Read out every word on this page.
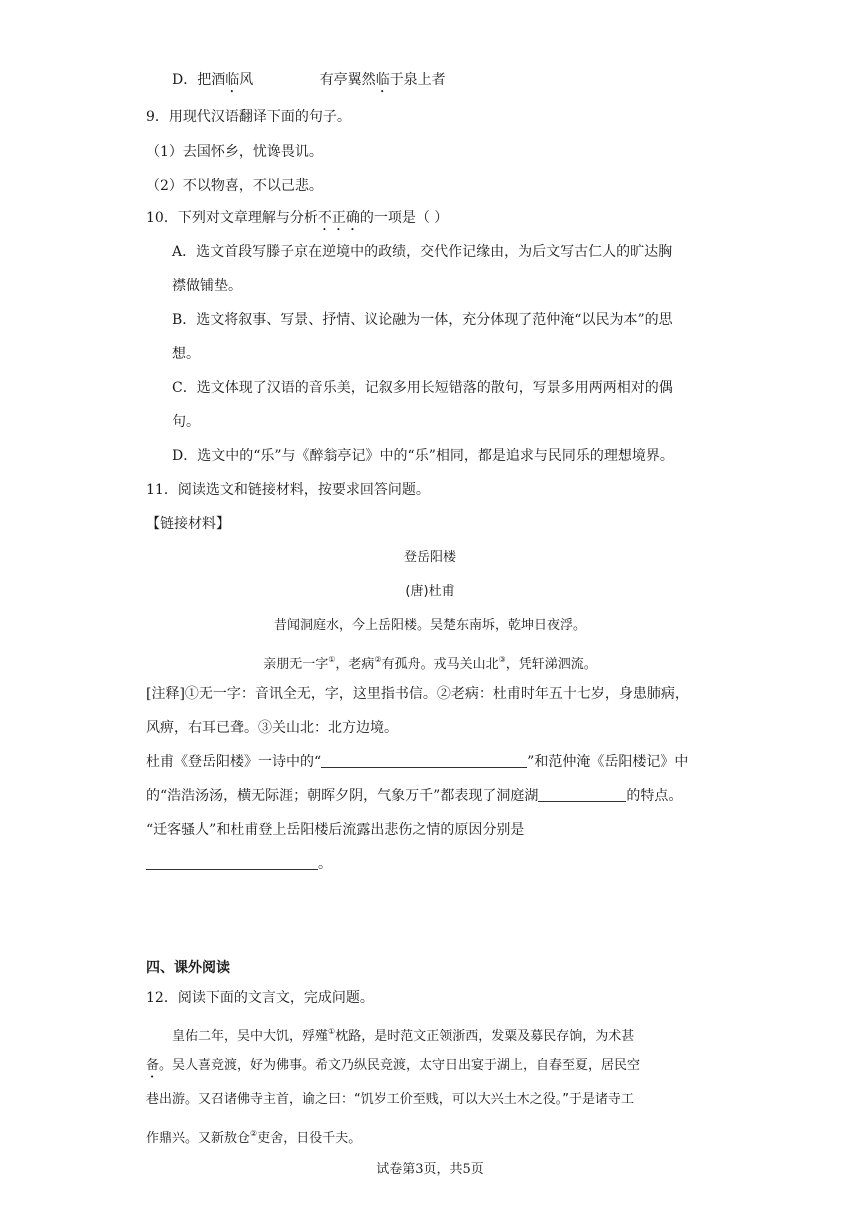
D．把酒临风	有亭翼然临于泉上者
9．用现代汉语翻译下面的句子。
（1）去国怀乡，忧谗畏讥。
（2）不以物喜，不以己悲。
10．下列对文章理解与分析不正确的一项是（ ）
A．选文首段写滕子京在逆境中的政绩，交代作记缘由，为后文写古仁人的旷达胸
襟做铺垫。
B．选文将叙事、写景、抒情、议论融为一体，充分体现了范仲淹“以民为本”的思
想。
C．选文体现了汉语的音乐美，记叙多用长短错落的散句，写景多用两两相对的偶
句。
D．选文中的“乐”与《醉翁亭记》中的“乐”相同，都是追求与民同乐的理想境界。
11．阅读选文和链接材料，按要求回答问题。
【链接材料】
登岳阳楼
(唐)杜甫
昔闻洞庭水，今上岳阳楼。吴楚东南坼，乾坤日夜浮。
亲朋无一字①，老病②有孤舟。戎马关山北③，凭轩涕泗流。
[注释]①无一字：音讯全无，字，这里指书信。②老病：杜甫时年五十七岁，身患肺病，
风痹，右耳已聋。③关山北：北方边境。
杜甫《登岳阳楼》一诗中的“	”和范仲淹《岳阳楼记》中
的“浩浩汤汤，横无际涯；朝晖夕阴，气象万千”都表现了洞庭湖	的特点。
“迁客骚人”和杜甫登上岳阳楼后流露出悲伤之情的原因分别是
。
四、课外阅读
12．阅读下面的文言文，完成问题。
皇佑二年，吴中大饥，殍殣①枕路，是时范文正领浙西，发粟及募民存饷，为术甚
备。吴人喜竞渡，好为佛事。希文乃纵民竞渡，太守日出宴于湖上，自春至夏，居民空
巷出游。又召诸佛寺主首，谕之曰：“饥岁工价至贱，可以大兴土木之役。”于是诸寺工
作鼎兴。又新敖仓②吏舍，日役千夫。
试卷第3页，共5页
